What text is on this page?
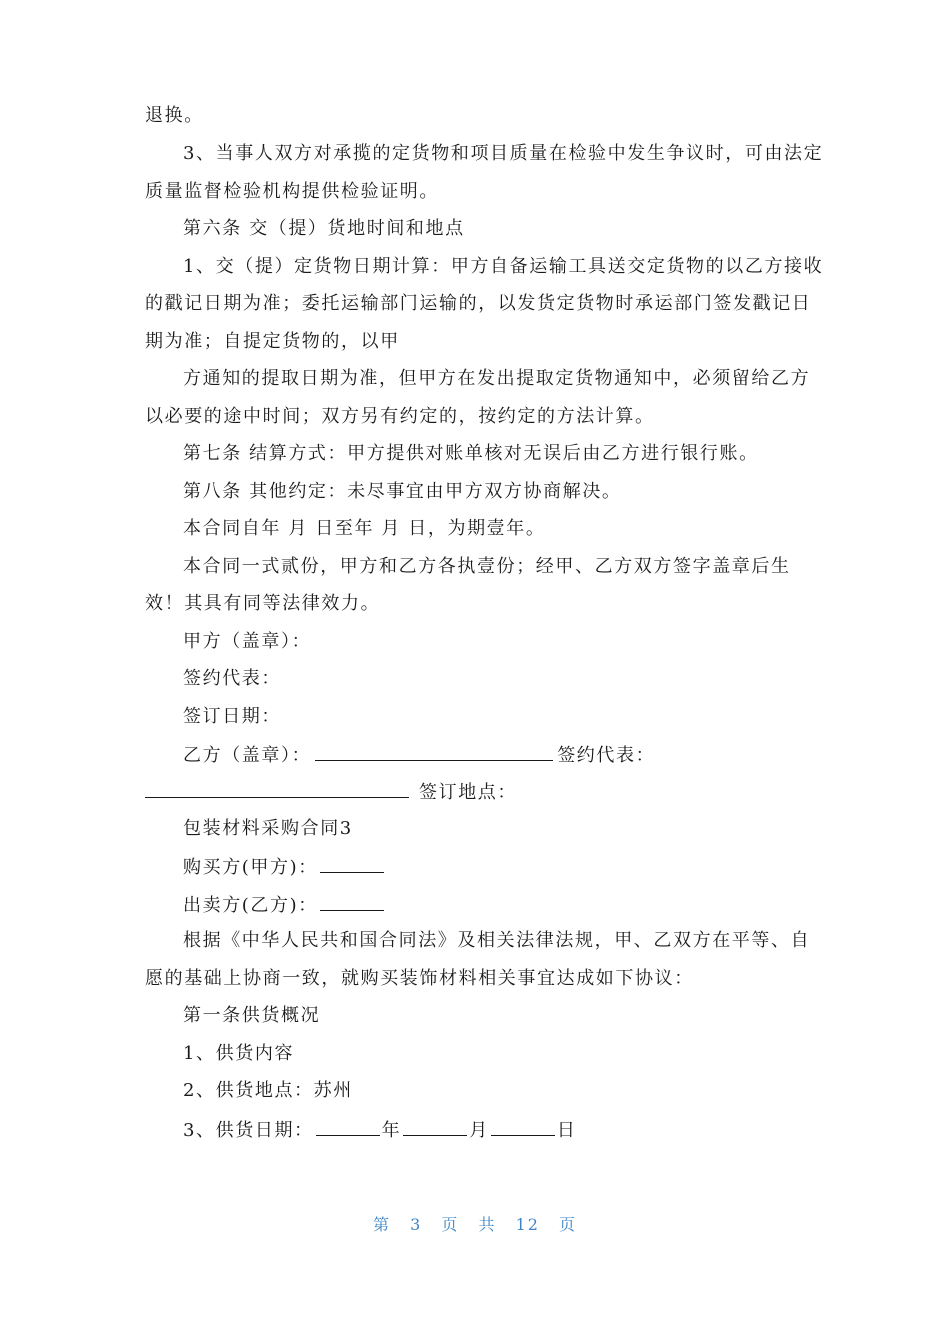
退换。
3、当事人双方对承揽的定货物和项目质量在检验中发生争议时，可由法定
质量监督检验机构提供检验证明。
第六条 交（提）货地时间和地点
1、交（提）定货物日期计算：甲方自备运输工具送交定货物的以乙方接收
的戳记日期为准；委托运输部门运输的，以发货定货物时承运部门签发戳记日
期为准；自提定货物的，以甲
方通知的提取日期为准，但甲方在发出提取定货物通知中，必须留给乙方
以必要的途中时间；双方另有约定的，按约定的方法计算。
第七条 结算方式：甲方提供对账单核对无误后由乙方进行银行账。
第八条 其他约定：未尽事宜由甲方双方协商解决。
本合同自年 月 日至年 月 日，为期壹年。
本合同一式贰份，甲方和乙方各执壹份；经甲、乙方双方签字盖章后生
效！其具有同等法律效力。
甲方（盖章）：
签约代表：
签订日期：
乙方（盖章）：	签约代表：
签订地点：
包装材料采购合同3
购买方(甲方)：
出卖方(乙方)：
根据《中华人民共和国合同法》及相关法律法规，甲、乙双方在平等、自
愿的基础上协商一致，就购买装饰材料相关事宜达成如下协议：
第一条供货概况
1、供货内容
2、供货地点：苏州
3、供货日期：	年	月	日
第 3 页 共 12 页
